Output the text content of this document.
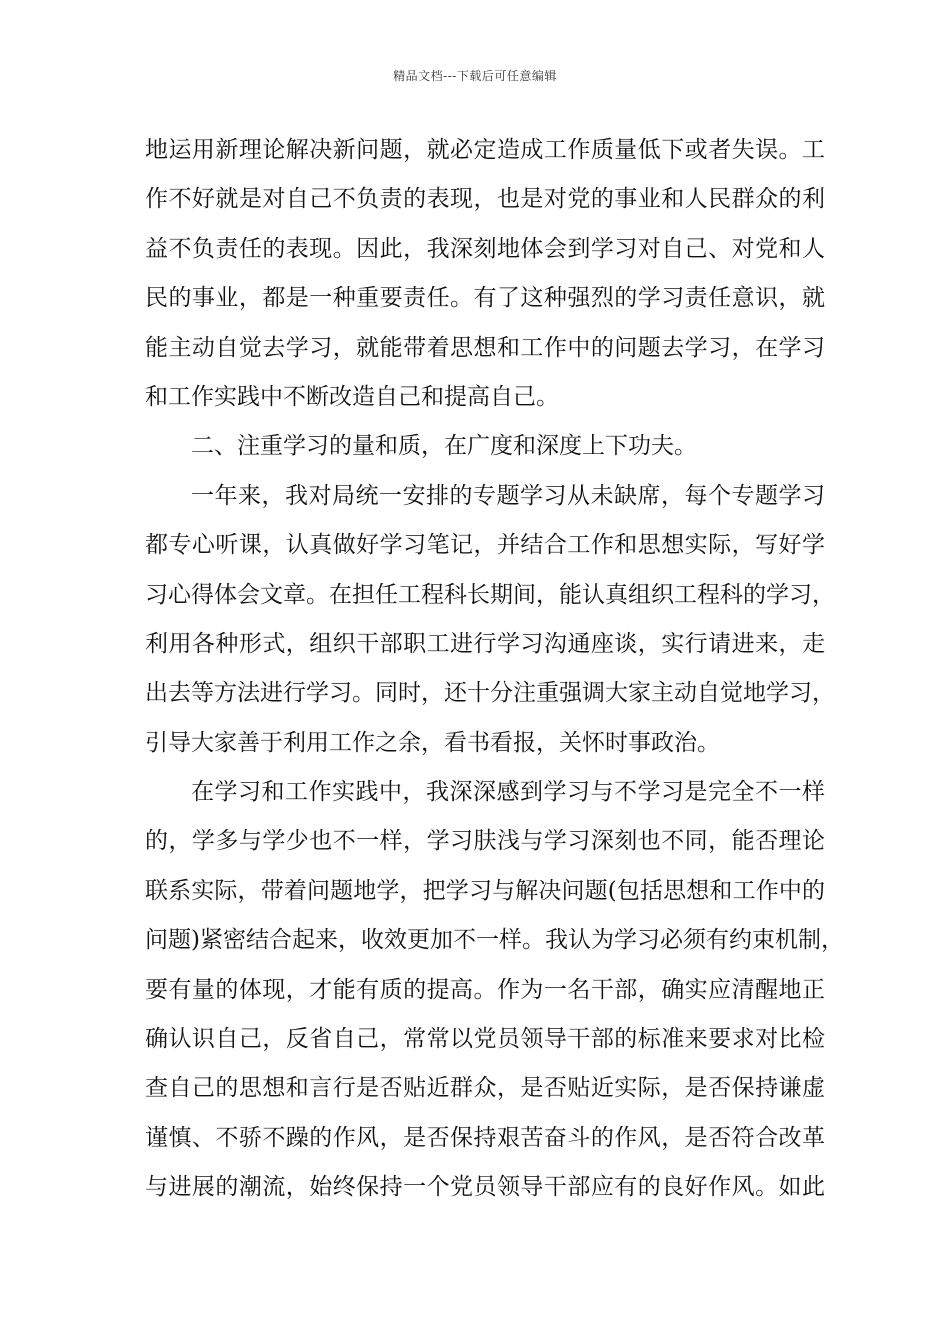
精品文档---下载后可任意编辑
地运用新理论解决新问题，就必定造成工作质量低下或者失误。工
作不好就是对自己不负责的表现，也是对党的事业和人民群众的利
益不负责任的表现。因此，我深刻地体会到学习对自己、对党和人
民的事业，都是一种重要责任。有了这种强烈的学习责任意识，就
能主动自觉去学习，就能带着思想和工作中的问题去学习，在学习
和工作实践中不断改造自己和提高自己。
二、注重学习的量和质，在广度和深度上下功夫。
一年来，我对局统一安排的专题学习从未缺席，每个专题学习
都专心听课，认真做好学习笔记，并结合工作和思想实际，写好学
习心得体会文章。在担任工程科长期间，能认真组织工程科的学习，
利用各种形式，组织干部职工进行学习沟通座谈，实行请进来，走
出去等方法进行学习。同时，还十分注重强调大家主动自觉地学习，
引导大家善于利用工作之余，看书看报，关怀时事政治。
在学习和工作实践中，我深深感到学习与不学习是完全不一样
的，学多与学少也不一样，学习肤浅与学习深刻也不同，能否理论
联系实际，带着问题地学，把学习与解决问题(包括思想和工作中的
问题)紧密结合起来，收效更加不一样。我认为学习必须有约束机制，
要有量的体现，才能有质的提高。作为一名干部，确实应清醒地正
确认识自己，反省自己，常常以党员领导干部的标准来要求对比检
查自己的思想和言行是否贴近群众，是否贴近实际，是否保持谦虚
谨慎、不骄不躁的作风，是否保持艰苦奋斗的作风，是否符合改革
与进展的潮流，始终保持一个党员领导干部应有的良好作风。如此
